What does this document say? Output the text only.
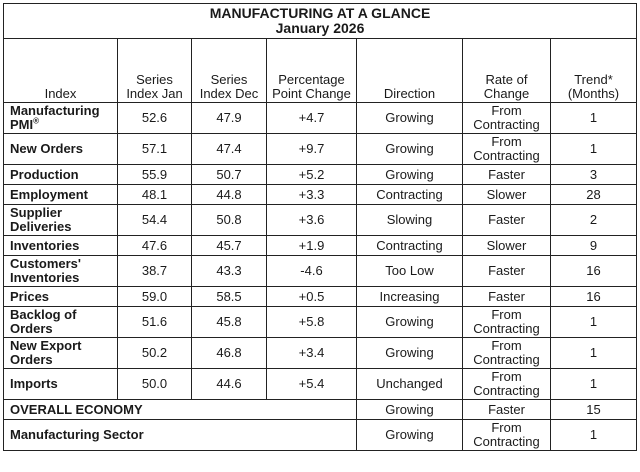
MANUFACTURING AT A GLANCE
January 2026						

Index	Series Index Jan	Series Index Dec	Percentage Point Change	Direction	Rate of Change	Trend* (Months)
Manufacturing PMI®	52.6	47.9	+4.7	Growing	From Contracting	1
New Orders	57.1	47.4	+9.7	Growing	From Contracting	1
Production	55.9	50.7	+5.2	Growing	Faster	3
Employment	48.1	44.8	+3.3	Contracting	Slower	28
Supplier Deliveries	54.4	50.8	+3.6	Slowing	Faster	2
Inventories	47.6	45.7	+1.9	Contracting	Slower	9
Customers' Inventories	38.7	43.3	-4.6	Too Low	Faster	16
Prices	59.0	58.5	+0.5	Increasing	Faster	16
Backlog of Orders	51.6	45.8	+5.8	Growing	From Contracting	1
New Export Orders	50.2	46.8	+3.4	Growing	From Contracting	1
Imports	50.0	44.6	+5.4	Unchanged	From Contracting	1
OVERALL ECONOMY				Growing	Faster	15
Manufacturing Sector				Growing	From Contracting	1
